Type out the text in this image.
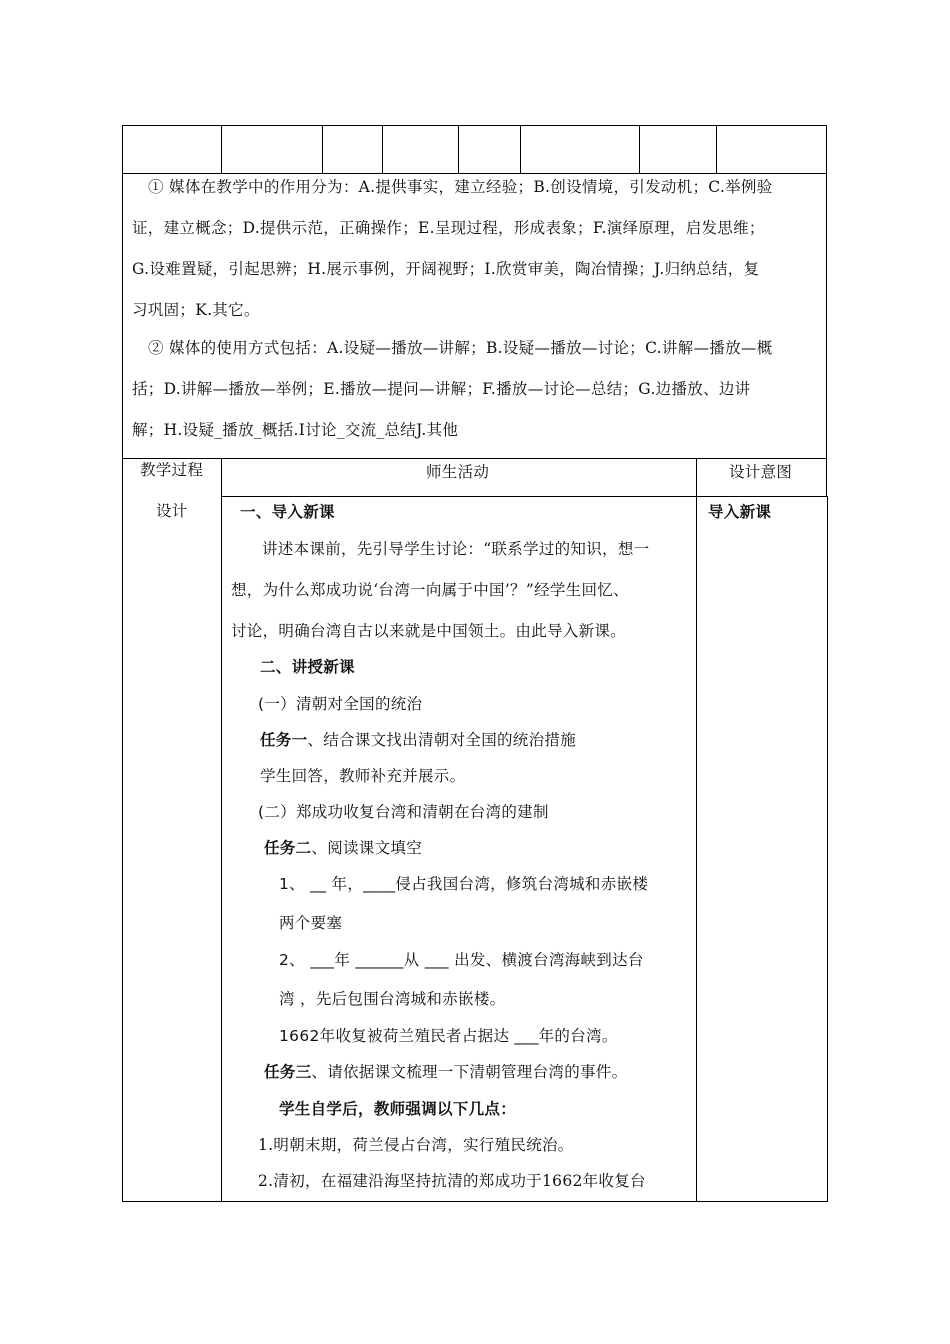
① 媒体在教学中的作用分为：A.提供事实，建立经验；B.创设情境，引发动机；C.举例验
证，建立概念；D.提供示范，正确操作；E.呈现过程，形成表象；F.演绎原理，启发思维；
G.设难置疑，引起思辨；H.展示事例，开阔视野；I.欣赏审美，陶冶情操；J.归纳总结，复
习巩固；K.其它。
② 媒体的使用方式包括：A.设疑—播放—讲解；B.设疑—播放—讨论；C.讲解—播放—概
括；D.讲解—播放—举例；E.播放—提问—讲解；F.播放—讨论—总结；G.边播放、边讲
解；H.设疑_播放_概括.I讨论_交流_总结J.其他
教学过程
设计
师生活动	设计意图
导入新课
一、导入新课
讲述本课前，先引导学生讨论：“联系学过的知识，想一
想，为什么郑成功说‘台湾一向属于中国’？”经学生回忆、
讨论，明确台湾自古以来就是中国领土。由此导入新课。
二、讲授新课
(一）清朝对全国的统治
任务一、结合课文找出清朝对全国的统治措施
学生回答，教师补充并展示。
(二）郑成功收复台湾和清朝在台湾的建制
任务二、阅读课文填空
1、 __ 年，____侵占我国台湾，修筑台湾城和赤嵌楼
两个要塞
2、 ___年 ______从 ___ 出发、横渡台湾海峡到达台
湾 ，先后包围台湾城和赤嵌楼。
1662年收复被荷兰殖民者占据达 ___年的台湾。
任务三、请依据课文梳理一下清朝管理台湾的事件。
学生自学后，教师强调以下几点：
1.明朝末期，荷兰侵占台湾，实行殖民统治。
2.清初，在福建沿海坚持抗清的郑成功于1662年收复台
